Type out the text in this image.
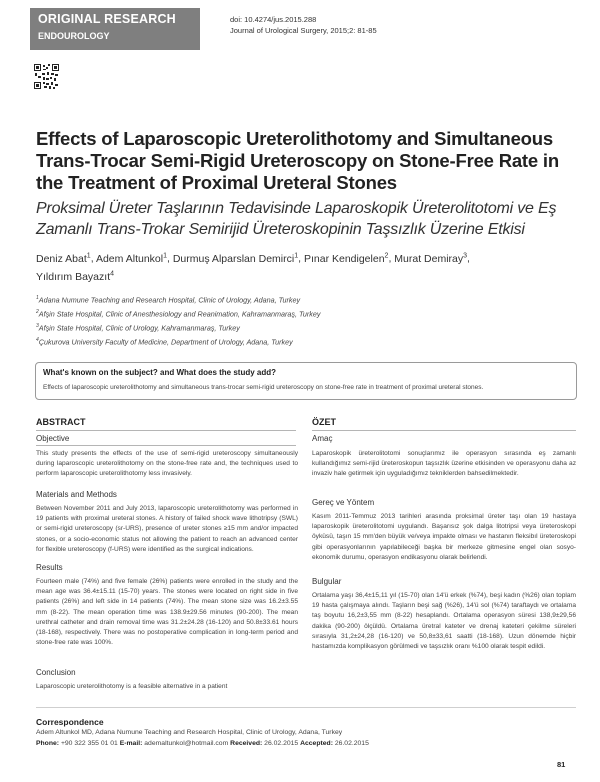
ORIGINAL RESEARCH
ENDOUROLOGY
doi: 10.4274/jus.2015.288
Journal of Urological Surgery, 2015;2: 81-85
Effects of Laparoscopic Ureterolithotomy and Simultaneous Trans-Trocar Semi-Rigid Ureteroscopy on Stone-Free Rate in the Treatment of Proximal Ureteral Stones
Proksimal Üreter Taşlarının Tedavisinde Laparoskopik Üreterolitotomi ve Eş Zamanlı Trans-Trokar Semirijid Üreteroskopinin Taşsızlık Üzerine Etkisi
Deniz Abat$^1$, Adem Altunkol$^1$, Durmuş Alparslan Demirci$^1$, Pınar Kendigelen$^2$, Murat Demiray$^3$,
Yıldırım Bayazıt$^4$
$^1$Adana Numune Teaching and Research Hospital, Clinic of Urology, Adana, Turkey
$^2$Afşin State Hospital, Clinic of Anesthesiology and Reanimation, Kahramanmaraş, Turkey
$^3$Afşin State Hospital, Clinic of Urology, Kahramanmaraş, Turkey
$^4$Çukurova University Faculty of Medicine, Department of Urology, Adana, Turkey
What's known on the subject? and What does the study add?
Effects of laparoscopic ureterolithotomy and simultaneous trans-trocar semi-rigid ureteroscopy on stone-free rate in treatment of proximal ureteral stones.
ABSTRACT
Objective
This study presents the effects of the use of semi-rigid ureteroscopy simultaneously during laparoscopic ureterolithotomy on the stone-free rate and, the techniques used to perform laparoscopic ureterolithotomy less invasively.
Materials and Methods
Between November 2011 and July 2013, laparoscopic ureterolithotomy was performed in 19 patients with proximal ureteral stones. A history of failed shock wave lithotripsy (SWL) or semi-rigid ureteroscopy (sr-URS), presence of ureter stones ≥15 mm and/or impacted stones, or a socio-economic status not allowing the patient to reach an advanced center for flexible ureteroscopy (f-URS) were identified as the surgical indications.
Results
Fourteen male (74%) and five female (26%) patients were enrolled in the study and the mean age was 36.4±15.11 (15-70) years. The stones were located on right side in five patients (26%) and left side in 14 patients (74%). The mean stone size was 16.2±3.55 mm (8-22). The mean operation time was 138.9±29.56 minutes (90-200). The mean urethral catheter and drain removal time was 31.2±24.28 (16-120) and 50.8±33.61 hours (18-168), respectively. There was no postoperative complication in long-term period and stone-free rate was 100%.
Conclusion
Laparoscopic ureterolithotomy is a feasible alternative in a patient
ÖZET
Amaç
Laparoskopik üreterolitotomi sonuçlarımız ile operasyon sırasında eş zamanlı kullandığımız semi-rijid üreteroskopun taşsızlık üzerine etkisinden ve operasyonu daha az invaziv hale getirmek için uyguladığımız tekniklerden bahsedilmektedir.
Gereç ve Yöntem
Kasım 2011-Temmuz 2013 tarihleri arasında proksimal üreter taşı olan 19 hastaya laparoskopik üreterolitotomi uygulandı. Başarısız şok dalga litotripsi veya üreteroskopi öyküsü, taşın 15 mm'den büyük ve/veya impakte olması ve hastanın fleksibıl üreteroskopi gibi operasyonlarının yapılabileceği başka bir merkeze gitmesine engel olan sosyo-ekonomik durumu, operasyon endikasyonu olarak belirlendi.
Bulgular
Ortalama yaşı 36,4±15,11 yıl (15-70) olan 14'ü erkek (%74), beşi kadın (%26) olan toplam 19 hasta çalışmaya alındı. Taşların beşi sağ (%26), 14'ü sol (%74) taraftaydı ve ortalama taş boyutu 16,2±3,55 mm (8-22) hesaplandı. Ortalama operasyon süresi 138,9±29,56 dakika (90-200) ölçüldü. Ortalama üretral kateter ve drenaj kateteri çekilme süreleri sırasıyla 31,2±24,28 (16-120) ve 50,8±33,61 saatti (18-168). Uzun dönemde hiçbir hastamızda komplikasyon görülmedi ve taşsızlık oranı %100 olarak tespit edildi.
Correspondence
Adem Altunkol MD, Adana Numune Teaching and Research Hospital, Clinic of Urology, Adana, Turkey
Phone: +90 322 355 01 01 E-mail: ademaltunkol@hotmail.com Received: 26.02.2015 Accepted: 26.02.2015
81
